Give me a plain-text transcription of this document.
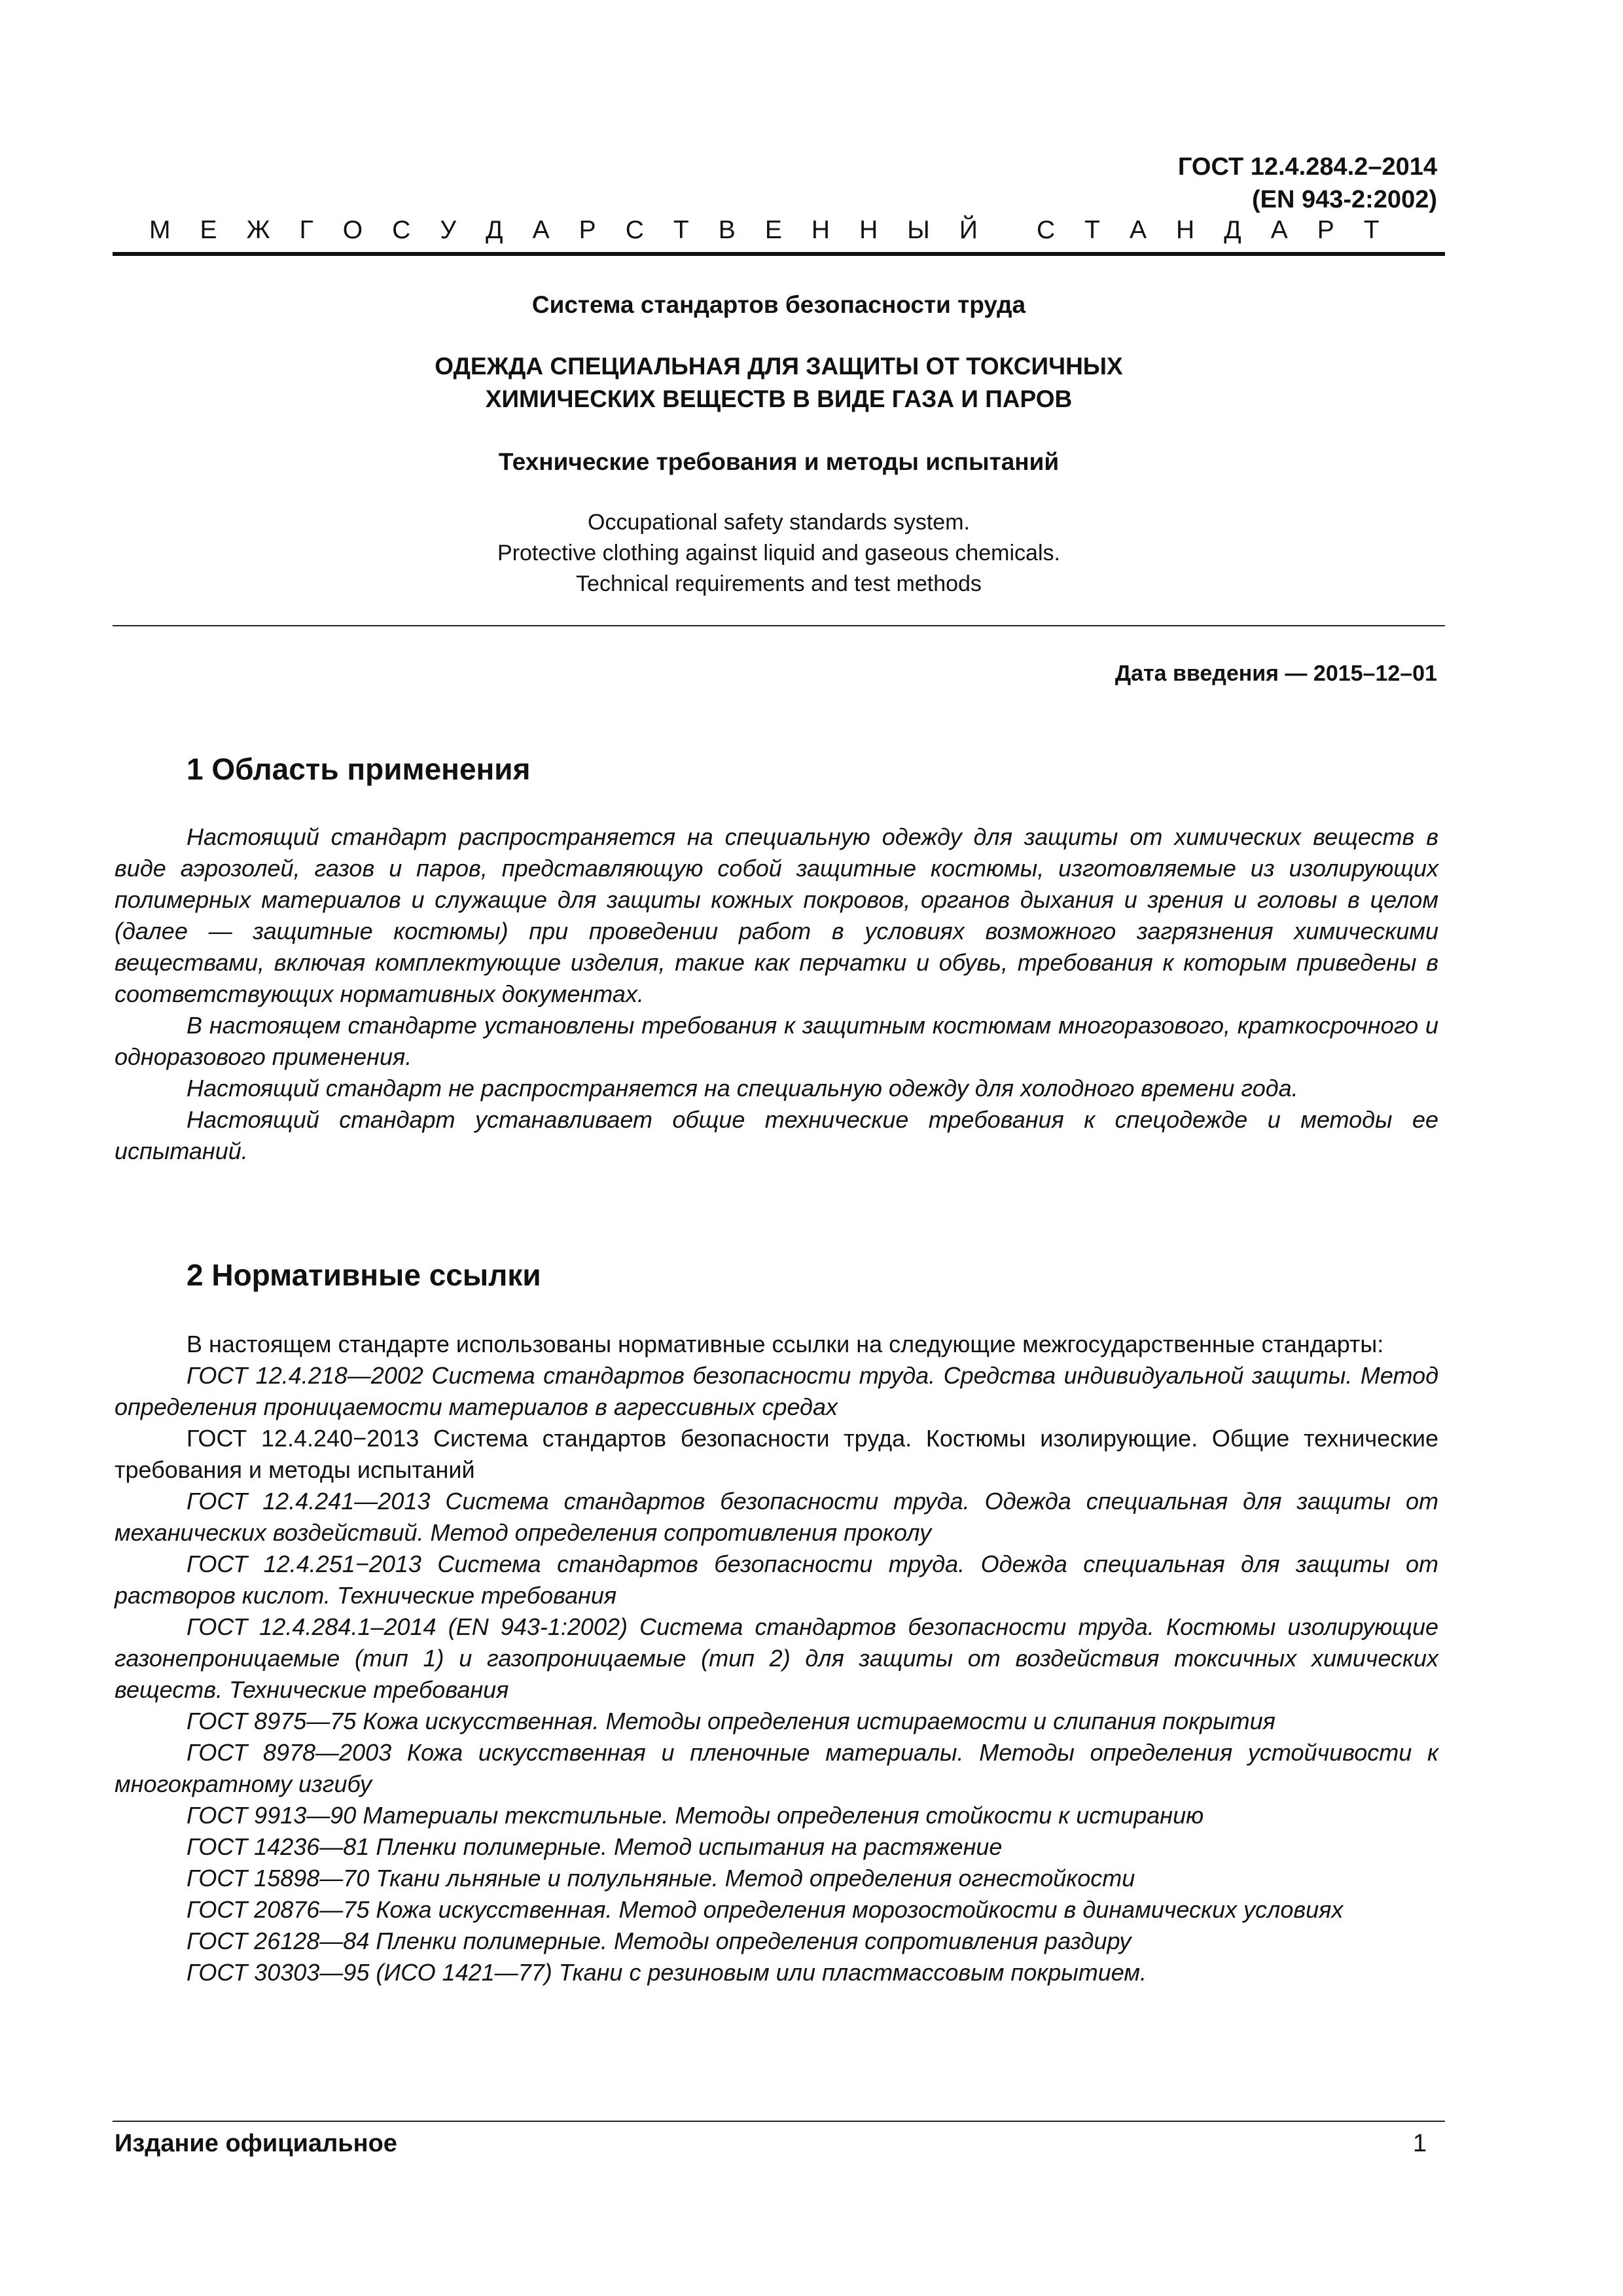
ГОСТ 12.4.284.2–2014
(EN 943-2:2002)
М Е Ж Г О С У Д А Р С Т В Е Н Н Ы Й С Т А Н Д А Р Т
Система стандартов безопасности труда
ОДЕЖДА СПЕЦИАЛЬНАЯ ДЛЯ ЗАЩИТЫ ОТ ТОКСИЧНЫХ
ХИМИЧЕСКИХ ВЕЩЕСТВ В ВИДЕ ГАЗА И ПАРОВ
Технические требования и методы испытаний
Occupational safety standards system.
Protective clothing against liquid and gaseous chemicals.
Technical requirements and test methods
Дата введения — 2015–12–01
1 Область применения

Настоящий стандарт распространяется на специальную одежду для защиты от химических веществ в виде аэрозолей, газов и паров, представляющую собой защитные костюмы, изготовляемые из изолирующих полимерных материалов и служащие для защиты кожных покровов, органов дыхания и зрения и головы в целом (далее — защитные костюмы) при проведении работ в условиях возможного загрязнения химическими веществами, включая комплектующие изделия, такие как перчатки и обувь, требования к которым приведены в соответствующих нормативных документах.

В настоящем стандарте установлены требования к защитным костюмам многоразового, краткосрочного и одноразового применения.

Настоящий стандарт не распространяется на специальную одежду для холодного времени года.

Настоящий стандарт устанавливает общие технические требования к спецодежде и методы ее испытаний.

2 Нормативные ссылки

В настоящем стандарте использованы нормативные ссылки на следующие межгосударственные стандарты:

ГОСТ 12.4.218—2002 Система стандартов безопасности труда. Средства индивидуальной защиты. Метод определения проницаемости материалов в агрессивных средах

ГОСТ 12.4.240−2013 Система стандартов безопасности труда. Костюмы изолирующие. Общие технические требования и методы испытаний

ГОСТ 12.4.241—2013 Система стандартов безопасности труда. Одежда специальная для защиты от механических воздействий. Метод определения сопротивления проколу

ГОСТ 12.4.251−2013 Система стандартов безопасности труда. Одежда специальная для защиты от растворов кислот. Технические требования

ГОСТ 12.4.284.1–2014 (EN 943-1:2002) Система стандартов безопасности труда. Костюмы изолирующие газонепроницаемые (тип 1) и газопроницаемые (тип 2) для защиты от воздействия токсичных химических веществ. Технические требования

ГОСТ 8975—75 Кожа искусственная. Методы определения истираемости и слипания покрытия

ГОСТ 8978—2003 Кожа искусственная и пленочные материалы. Методы определения устойчивости к многократному изгибу

ГОСТ 9913—90 Материалы текстильные. Методы определения стойкости к истиранию

ГОСТ 14236—81 Пленки полимерные. Метод испытания на растяжение

ГОСТ 15898—70 Ткани льняные и полульняные. Метод определения огнестойкости

ГОСТ 20876—75 Кожа искусственная. Метод определения морозостойкости в динамических условиях

ГОСТ 26128—84 Пленки полимерные. Методы определения сопротивления раздиру

ГОСТ 30303—95 (ИСО 1421—77) Ткани с резиновым или пластмассовым покрытием.

Издание официальное	1
